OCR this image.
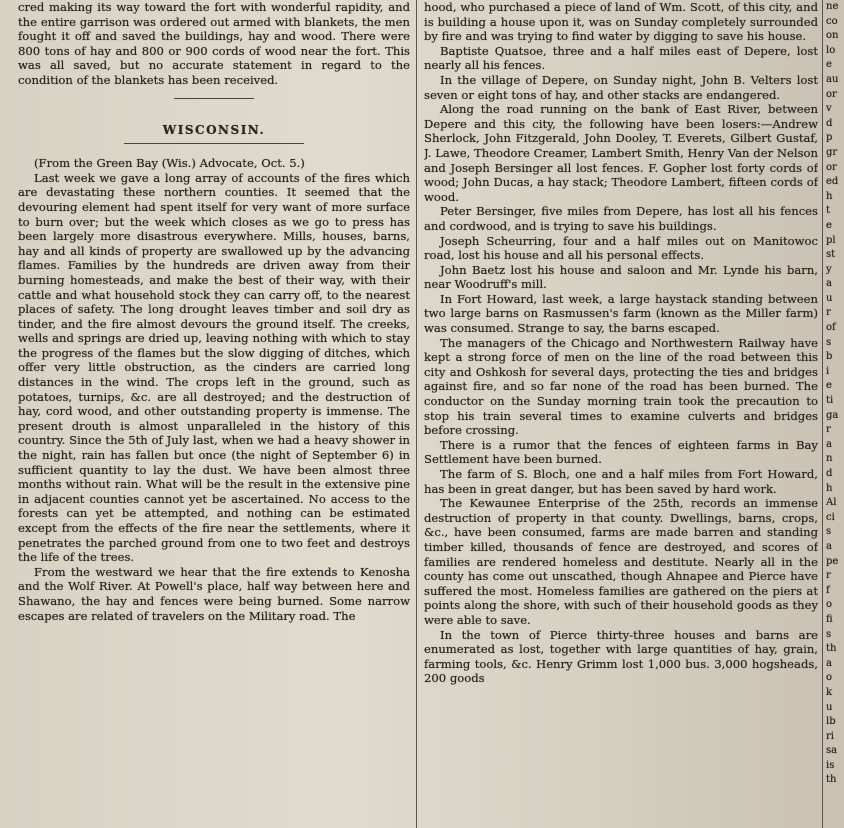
cred making its way toward the fort with wonderful rapidity, and the entire garrison was ordered out armed with blankets, the men fought it off and saved the buildings, hay and wood. There were 800 tons of hay and 800 or 900 cords of wood near the fort. This was all saved, but no accurate statement in regard to the condition of the blankets has been received.

WISCONSIN.

(From the Green Bay (Wis.) Advocate, Oct. 5.)

Last week we gave a long array of accounts of the fires which are devastating these northern counties. It seemed that the devouring element had spent itself for very want of more surface to burn over; but the week which closes as we go to press has been largely more disastrous everywhere. Mills, houses, barns, hay and all kinds of property are swallowed up by the advancing flames. Families by the hundreds are driven away from their burning homesteads, and make the best of their way, with their cattle and what household stock they can carry off, to the nearest places of safety. The long drought leaves timber and soil dry as tinder, and the fire almost devours the ground itself. The creeks, wells and springs are dried up, leaving nothing with which to stay the progress of the flames but the slow digging of ditches, which offer very little obstruction, as the cinders are carried long distances in the wind. The crops left in the ground, such as potatoes, turnips, &c. are all destroyed; and the destruction of hay, cord wood, and other outstanding property is immense. The present drouth is almost unparalleled in the history of this country. Since the 5th of July last, when we had a heavy shower in the night, rain has fallen but once (the night of September 6) in sufficient quantity to lay the dust. We have been almost three months without rain. What will be the result in the extensive pine in adjacent counties cannot yet be ascertained. No access to the forests can yet be attempted, and nothing can be estimated except from the effects of the fire near the settlements, where it penetrates the parched ground from one to two feet and destroys the life of the trees.

From the westward we hear that the fire extends to Kenosha and the Wolf River. At Powell's place, half way between here and Shawano, the hay and fences were being burned. Some narrow escapes are related of travelers on the Military road. The

hood, who purchased a piece of land of Wm. Scott, of this city, and is building a house upon it, was on Sunday completely surrounded by fire and was trying to find water by digging to save his house.

Baptiste Quatsoe, three and a half miles east of Depere, lost nearly all his fences.

In the village of Depere, on Sunday night, John B. Velters lost seven or eight tons of hay, and other stacks are endangered.

Along the road running on the bank of East River, between Depere and this city, the following have been losers:—Andrew Sherlock, John Fitzgerald, John Dooley, T. Everets, Gilbert Gustaf, J. Lawe, Theodore Creamer, Lambert Smith, Henry Van der Nelson and Joseph Bersinger all lost fences. F. Gopher lost forty cords of wood; John Ducas, a hay stack; Theodore Lambert, fifteen cords of wood.

Peter Bersinger, five miles from Depere, has lost all his fences and cordwood, and is trying to save his buildings.

Joseph Scheurring, four and a half miles out on Manitowoc road, lost his house and all his personal effects.

John Baetz lost his house and saloon and Mr. Lynde his barn, near Woodruff's mill.

In Fort Howard, last week, a large haystack standing between two large barns on Rasmussen's farm (known as the Miller farm) was consumed. Strange to say, the barns escaped.

The managers of the Chicago and Northwestern Railway have kept a strong force of men on the line of the road between this city and Oshkosh for several days, protecting the ties and bridges against fire, and so far none of the road has been burned. The conductor on the Sunday morning train took the precaution to stop his train several times to examine culverts and bridges before crossing.

There is a rumor that the fences of eighteen farms in Bay Settlement have been burned.

The farm of S. Bloch, one and a half miles from Fort Howard, has been in great danger, but has been saved by hard work.

The Kewaunee Enterprise of the 25th, records an immense destruction of property in that county. Dwellings, barns, crops, &c., have been consumed, farms are made barren and standing timber killed, thousands of fence are destroyed, and scores of families are rendered homeless and destitute. Nearly all in the county has come out unscathed, though Ahnapee and Pierce have suffered the most. Homeless families are gathered on the piers at points along the shore, with such of their household goods as they were able to save.

In the town of Pierce thirty-three houses and barns are enumerated as lost, together with large quantities of hay, grain, farming tools, &c. Henry Grimm lost 1,000 bus. 3,000 hogsheads, 200 goods

ne

co

on

lo

e

au

or

v

d

p

gr

or

ed

h

t

e

pl

st

y

a

u

r

of

s

b

i

e

ti

ga

r

a

n

d

h

Al

ci

s

a

pe

r

f

o

fi

s

th

a

o

k

u

lb

ri

sa

is

th
